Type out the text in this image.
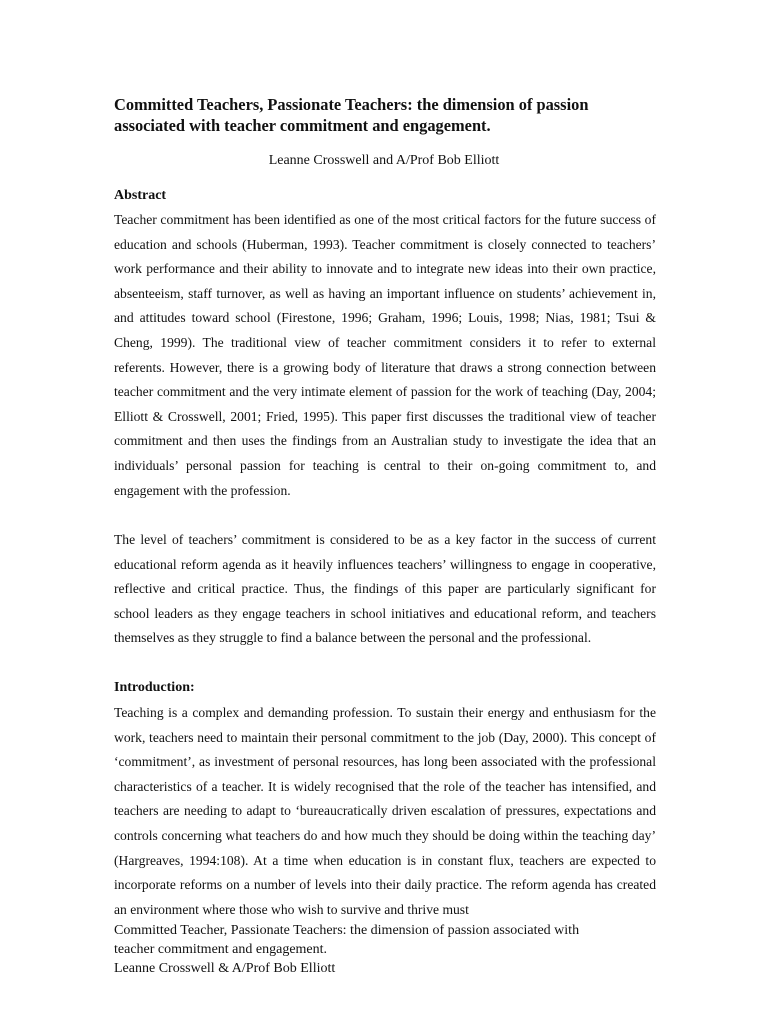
Committed Teachers, Passionate Teachers: the dimension of passion associated with teacher commitment and engagement.

Leanne Crosswell and A/Prof Bob Elliott

Abstract

Teacher commitment has been identified as one of the most critical factors for the future success of education and schools (Huberman, 1993). Teacher commitment is closely connected to teachers’ work performance and their ability to innovate and to integrate new ideas into their own practice, absenteeism, staff turnover, as well as having an important influence on students’ achievement in, and attitudes toward school (Firestone, 1996; Graham, 1996; Louis, 1998; Nias, 1981; Tsui & Cheng, 1999). The traditional view of teacher commitment considers it to refer to external referents. However, there is a growing body of literature that draws a strong connection between teacher commitment and the very intimate element of passion for the work of teaching (Day, 2004; Elliott & Crosswell, 2001; Fried, 1995). This paper first discusses the traditional view of teacher commitment and then uses the findings from an Australian study to investigate the idea that an individuals’ personal passion for teaching is central to their on-going commitment to, and engagement with the profession.

The level of teachers’ commitment is considered to be as a key factor in the success of current educational reform agenda as it heavily influences teachers’ willingness to engage in cooperative, reflective and critical practice. Thus, the findings of this paper are particularly significant for school leaders as they engage teachers in school initiatives and educational reform, and teachers themselves as they struggle to find a balance between the personal and the professional.

Introduction:

Teaching is a complex and demanding profession. To sustain their energy and enthusiasm for the work, teachers need to maintain their personal commitment to the job (Day, 2000). This concept of ‘commitment’, as investment of personal resources, has long been associated with the professional characteristics of a teacher. It is widely recognised that the role of the teacher has intensified, and teachers are needing to adapt to ‘bureaucratically driven escalation of pressures, expectations and controls concerning what teachers do and how much they should be doing within the teaching day’ (Hargreaves, 1994:108). At a time when education is in constant flux, teachers are expected to incorporate reforms on a number of levels into their daily practice. The reform agenda has created an environment where those who wish to survive and thrive must

Committed Teacher, Passionate Teachers: the dimension of passion associated with
teacher commitment and engagement.
Leanne Crosswell & A/Prof Bob Elliott
